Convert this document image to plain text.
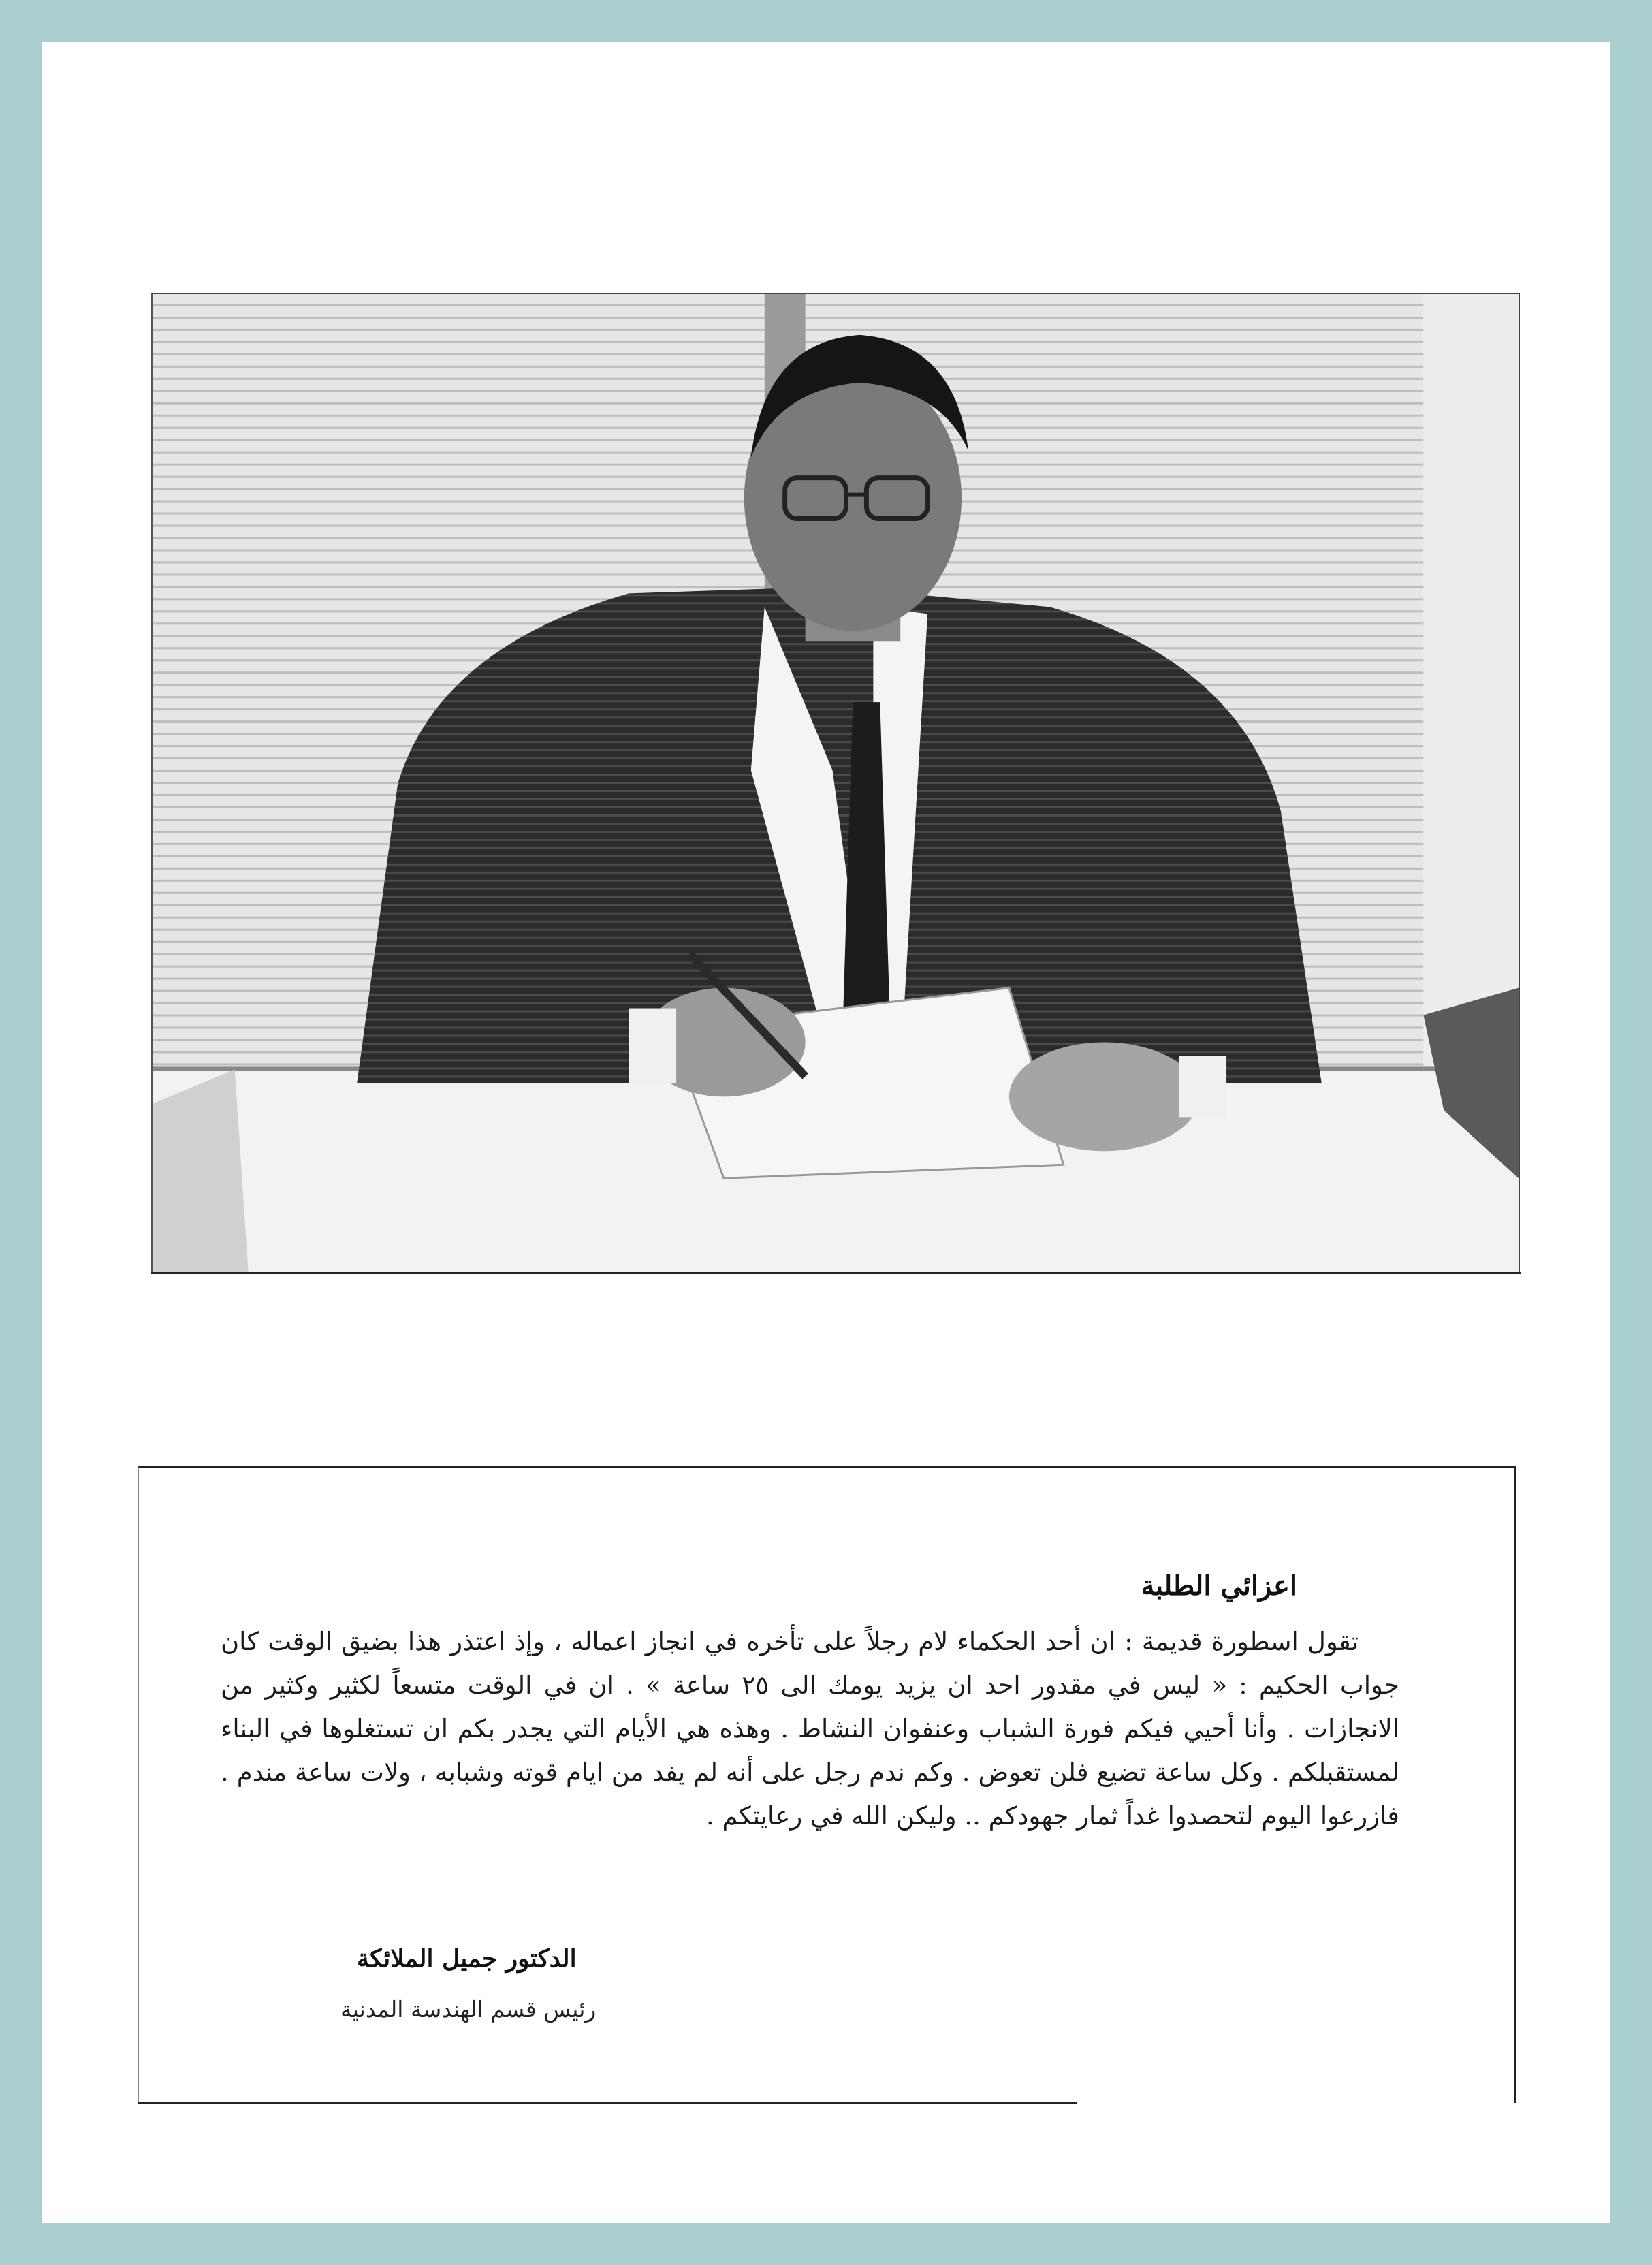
اعزائي الطلبة

تقول اسطورة قديمة : ان أحد الحكماء لام رجلاً على تأخره في انجاز اعماله ، وإذ اعتذر هذا بضيق الوقت كان جواب الحكيم : « ليس في مقدور احد ان يزيد يومك الى ٢٥ ساعة » . ان في الوقت متسعاً لكثير وكثير من الانجازات . وأنا أحيي فيكم فورة الشباب وعنفوان النشاط . وهذه هي الأيام التي يجدر بكم ان تستغلوها في البناء لمستقبلكم . وكل ساعة تضيع فلن تعوض . وكم ندم رجل على أنه لم يفد من ايام قوته وشبابه ، ولات ساعة مندم . فازرعوا اليوم لتحصدوا غداً ثمار جهودكم .. وليكن الله في رعايتكم .

الدكتور جميل الملائكة
رئيس قسم الهندسة المدنية
